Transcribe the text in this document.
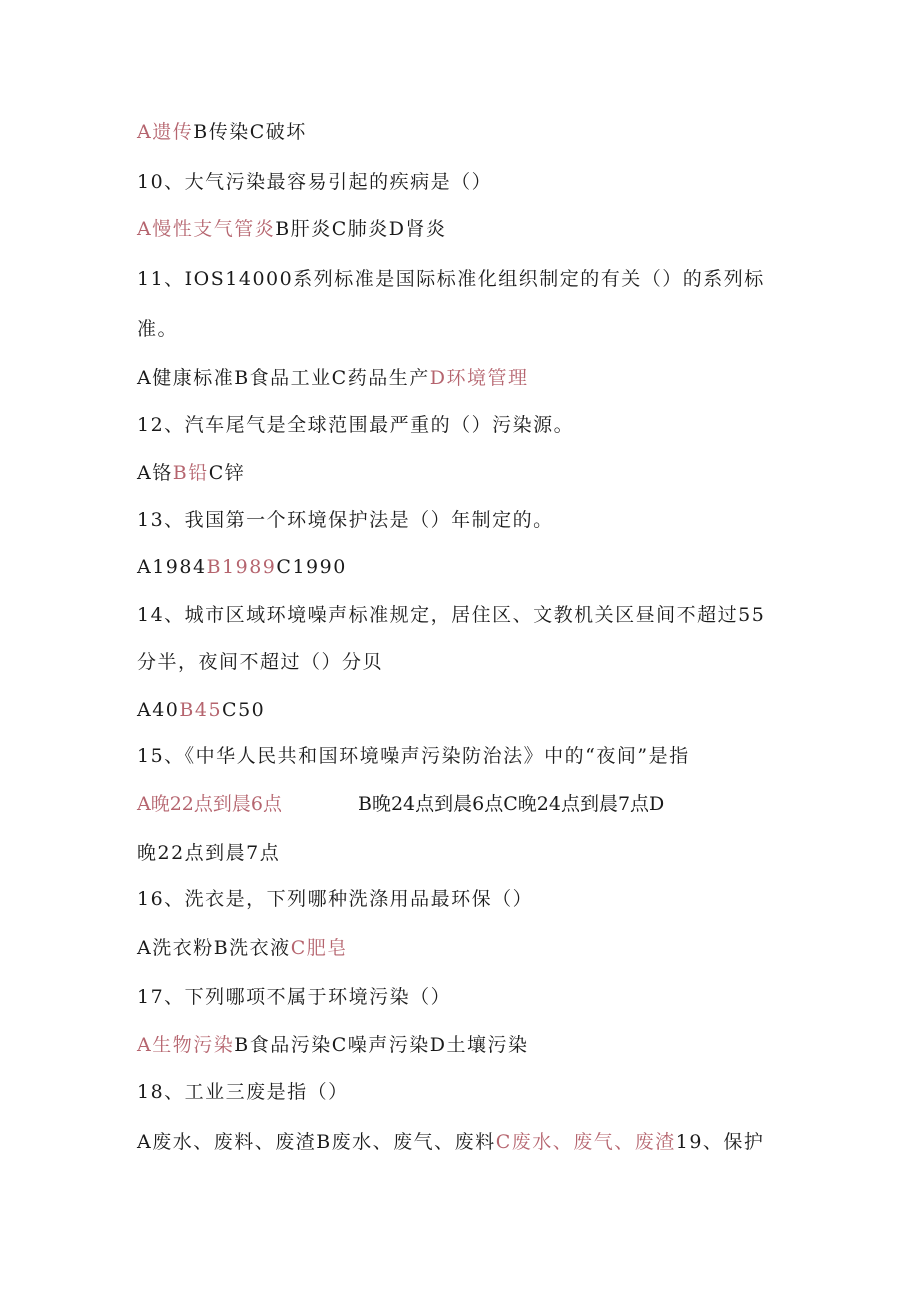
A遗传B传染C破坏
10、大气污染最容易引起的疾病是（）
A慢性支气管炎B肝炎C肺炎D肾炎
11、IOS14000系列标准是国际标准化组织制定的有关（）的系列标
准。
A健康标准B食品工业C药品生产D环境管理
12、汽车尾气是全球范围最严重的（）污染源。
A铬B铅C锌
13、我国第一个环境保护法是（）年制定的。
A1984B1989C1990
14、城市区域环境噪声标准规定，居住区、文教机关区昼间不超过55
分半，夜间不超过（）分贝
A40B45C50
15、《中华人民共和国环境噪声污染防治法》中的“夜间”是指
A晚22点到晨6点　　　　B晚24点到晨6点C晚24点到晨7点D
晚22点到晨7点
16、洗衣是，下列哪种洗涤用品最环保（）
A洗衣粉B洗衣液C肥皂
17、下列哪项不属于环境污染（）
A生物污染B食品污染C噪声污染D土壤污染
18、工业三废是指（）
A废水、废料、废渣B废水、废气、废料C废水、废气、废渣19、保护
